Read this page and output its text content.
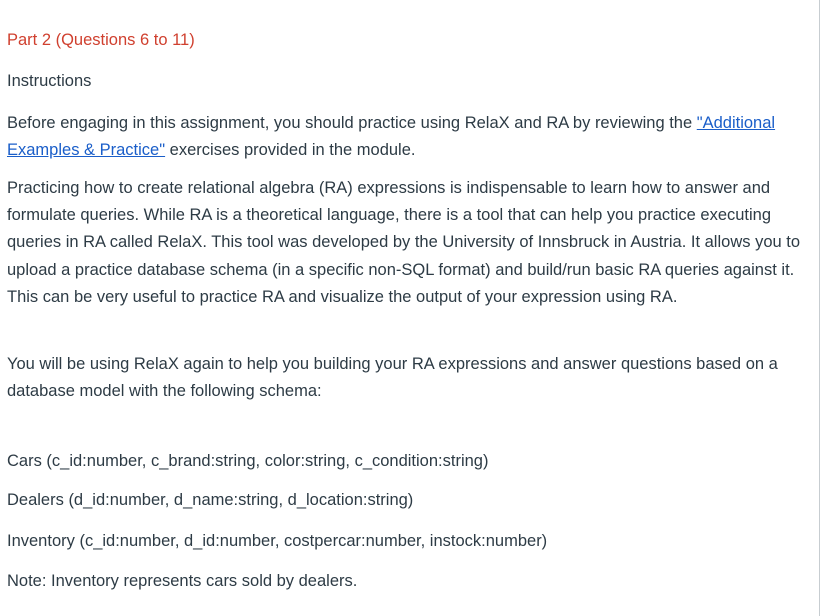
Part 2 (Questions 6 to 11)
Instructions

Before engaging in this assignment, you should practice using RelaX and RA by reviewing the "Additional Examples & Practice" exercises provided in the module.

Practicing how to create relational algebra (RA) expressions is indispensable to learn how to answer and formulate queries. While RA is a theoretical language, there is a tool that can help you practice executing queries in RA called RelaX. This tool was developed by the University of Innsbruck in Austria. It allows you to upload a practice database schema (in a specific non-SQL format) and build/run basic RA queries against it. This can be very useful to practice RA and visualize the output of your expression using RA.

You will be using RelaX again to help you building your RA expressions and answer questions based on a database model with the following schema:

Cars (c_id:number, c_brand:string, color:string, c_condition:string)
Dealers (d_id:number, d_name:string, d_location:string)
Inventory (c_id:number, d_id:number, costpercar:number, instock:number)
Note: Inventory represents cars sold by dealers.
